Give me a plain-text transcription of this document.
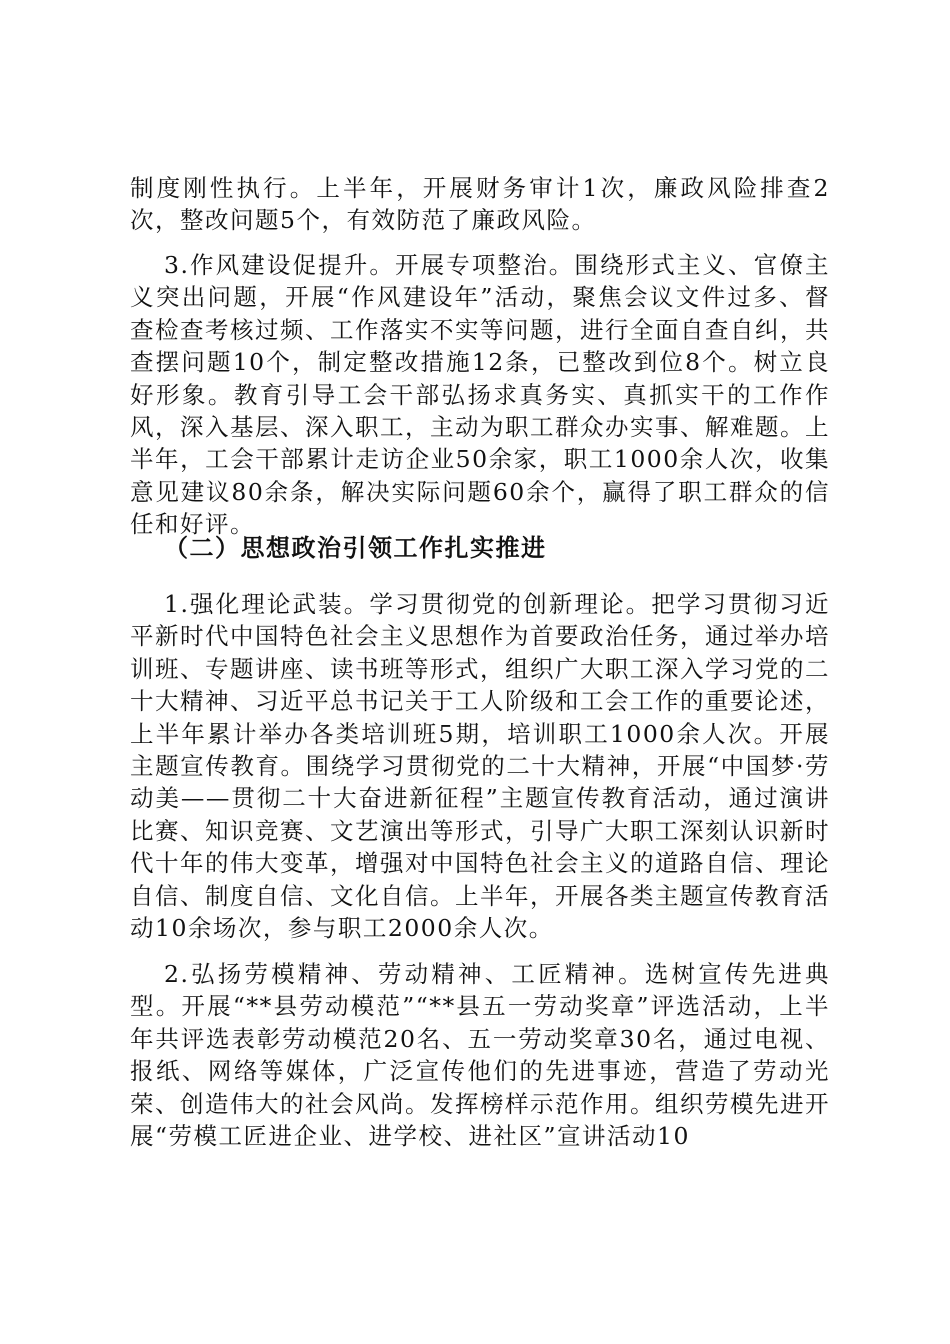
制度刚性执行。上半年，开展财务审计1次，廉政风险排查2次，整改问题5个，有效防范了廉政风险。

3.作风建设促提升。开展专项整治。围绕形式主义、官僚主义突出问题，开展“作风建设年”活动，聚焦会议文件过多、督查检查考核过频、工作落实不实等问题，进行全面自查自纠，共查摆问题10个，制定整改措施12条，已整改到位8个。树立良好形象。教育引导工会干部弘扬求真务实、真抓实干的工作作风，深入基层、深入职工，主动为职工群众办实事、解难题。上半年，工会干部累计走访企业50余家，职工1000余人次，收集意见建议80余条，解决实际问题60余个，赢得了职工群众的信任和好评。

（二）思想政治引领工作扎实推进

1.强化理论武装。学习贯彻党的创新理论。把学习贯彻习近平新时代中国特色社会主义思想作为首要政治任务，通过举办培训班、专题讲座、读书班等形式，组织广大职工深入学习党的二十大精神、习近平总书记关于工人阶级和工会工作的重要论述，上半年累计举办各类培训班5期，培训职工1000余人次。开展主题宣传教育。围绕学习贯彻党的二十大精神，开展“中国梦·劳动美——贯彻二十大奋进新征程”主题宣传教育活动，通过演讲比赛、知识竞赛、文艺演出等形式，引导广大职工深刻认识新时代十年的伟大变革，增强对中国特色社会主义的道路自信、理论自信、制度自信、文化自信。上半年，开展各类主题宣传教育活动10余场次，参与职工2000余人次。

2.弘扬劳模精神、劳动精神、工匠精神。选树宣传先进典型。开展“**县劳动模范”“**县五一劳动奖章”评选活动，上半年共评选表彰劳动模范20名、五一劳动奖章30名，通过电视、报纸、网络等媒体，广泛宣传他们的先进事迹，营造了劳动光荣、创造伟大的社会风尚。发挥榜样示范作用。组织劳模先进开展“劳模工匠进企业、进学校、进社区”宣讲活动10
